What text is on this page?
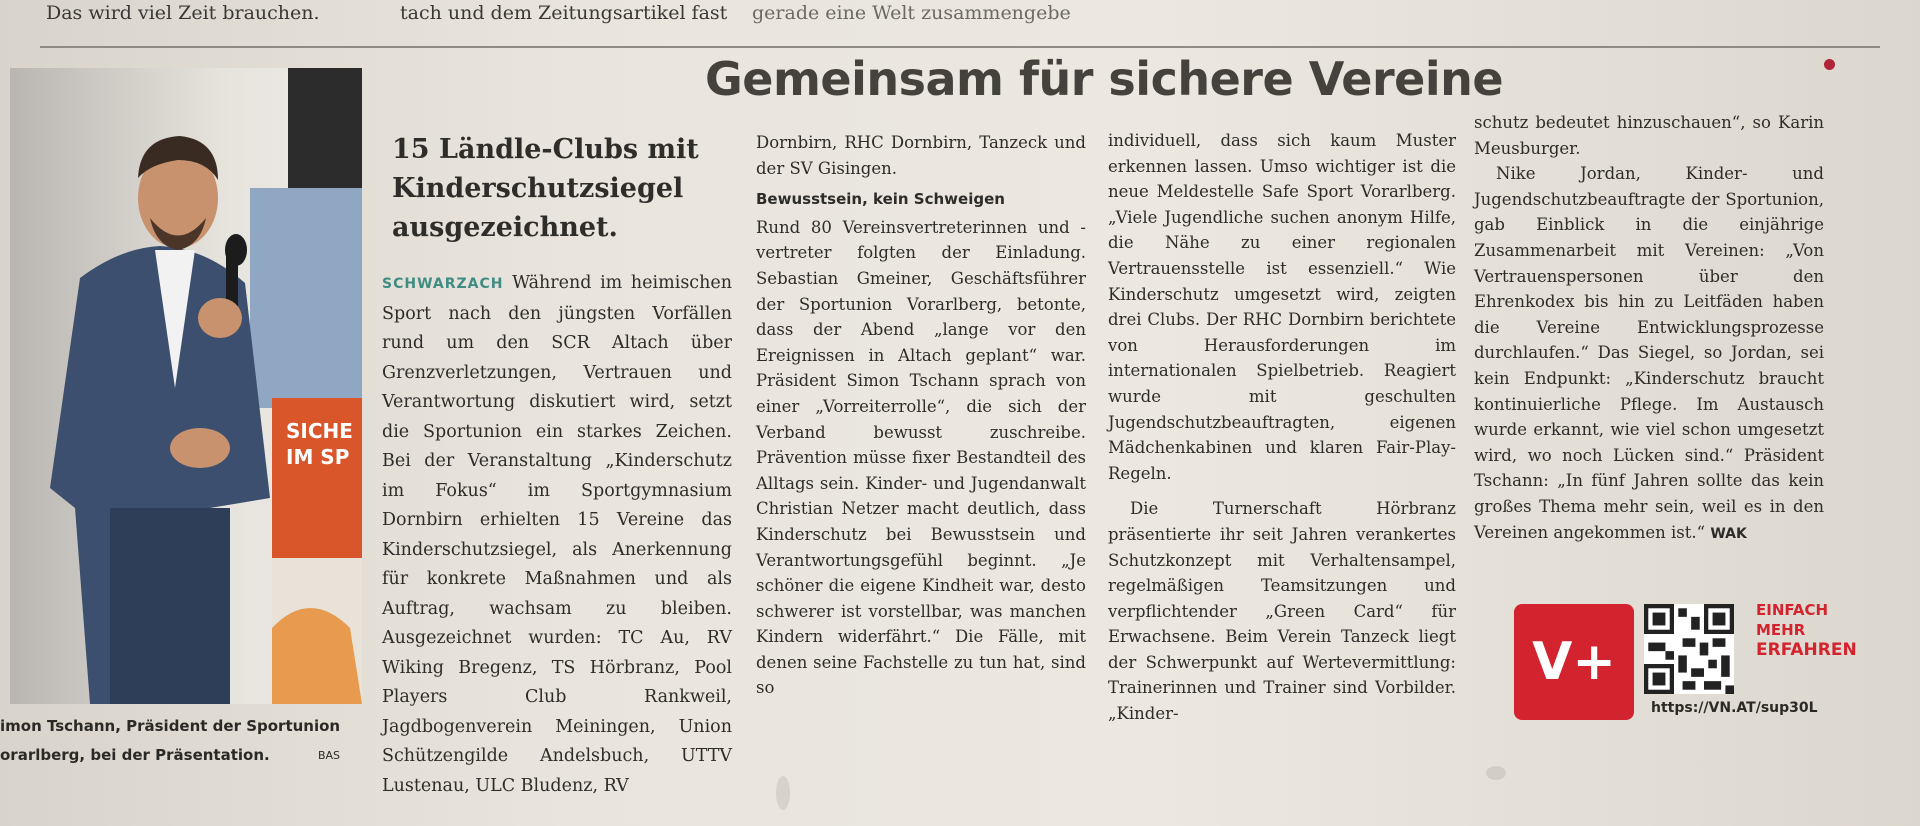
Das wird viel Zeit brauchen.	tach und dem Zeitungsartikel fast gerade eine Welt zusammengebe
Gemeinsam für sichere Vereine
SICHE
IM SP
imon Tschann, Präsident der Sportunion
orarlberg, bei der Präsentation.	BAS
15 Ländle-Clubs mit Kinderschutzsiegel ausgezeichnet.

SCHWARZACH Während im heimischen Sport nach den jüngsten Vorfällen rund um den SCR Altach über Grenzverletzungen, Vertrauen und Verantwortung diskutiert wird, setzt die Sportunion ein starkes Zeichen. Bei der Veranstaltung „Kinderschutz im Fokus“ im Sportgymnasium Dornbirn erhielten 15 Vereine das Kinderschutzsiegel, als Anerkennung für konkrete Maßnahmen und als Auftrag, wachsam zu bleiben. Ausgezeichnet wurden: TC Au, RV Wiking Bregenz, TS Hörbranz, Pool Players Club Rankweil, Jagdbogenverein Meiningen, Union Schützengilde Andelsbuch, UTTV Lustenau, ULC Bludenz, RV

Dornbirn, RHC Dornbirn, Tanzeck und der SV Gisingen.

Bewusstsein, kein Schweigen

Rund 80 Vereinsvertreterinnen und -vertreter folgten der Einladung. Sebastian Gmeiner, Geschäftsführer der Sportunion Vorarlberg, betonte, dass der Abend „lange vor den Ereignissen in Altach geplant“ war. Präsident Simon Tschann sprach von einer „Vorreiterrolle“, die sich der Verband bewusst zuschreibe. Prävention müsse fixer Bestandteil des Alltags sein. Kinder- und Jugendanwalt Christian Netzer macht deutlich, dass Kinderschutz bei Bewusstsein und Verantwortungsgefühl beginnt. „Je schöner die eigene Kindheit war, desto schwerer ist vorstellbar, was manchen Kindern widerfährt.“ Die Fälle, mit denen seine Fachstelle zu tun hat, sind so

individuell, dass sich kaum Muster erkennen lassen. Umso wichtiger ist die neue Meldestelle Safe Sport Vorarlberg. „Viele Jugendliche suchen anonym Hilfe, die Nähe zu einer regionalen Vertrauensstelle ist essenziell.“ Wie Kinderschutz umgesetzt wird, zeigten drei Clubs. Der RHC Dornbirn berichtete von Herausforderungen im internationalen Spielbetrieb. Reagiert wurde mit geschulten Jugendschutzbeauftragten, eigenen Mädchenkabinen und klaren Fair-Play-Regeln.

Die Turnerschaft Hörbranz präsentierte ihr seit Jahren verankertes Schutzkonzept mit Verhaltensampel, regelmäßigen Teamsitzungen und verpflichtender „Green Card“ für Erwachsene. Beim Verein Tanzeck liegt der Schwerpunkt auf Wertevermittlung: Trainerinnen und Trainer sind Vorbilder. „Kinder-

schutz bedeutet hinzuschauen“, so Karin Meusburger.

Nike Jordan, Kinder- und Jugendschutzbeauftragte der Sportunion, gab Einblick in die einjährige Zusammenarbeit mit Vereinen: „Von Vertrauenspersonen über den Ehrenkodex bis hin zu Leitfäden haben die Vereine Entwicklungsprozesse durchlaufen.“ Das Siegel, so Jordan, sei kein Endpunkt: „Kinderschutz braucht kontinuierliche Pflege. Im Austausch wurde erkannt, wie viel schon umgesetzt wird, wo noch Lücken sind.“ Präsident Tschann: „In fünf Jahren sollte das kein großes Thema mehr sein, weil es in den Vereinen angekommen ist.“ WAK

V+
EINFACH
MEHR
ERFAHREN
https://VN.AT/sup30L
